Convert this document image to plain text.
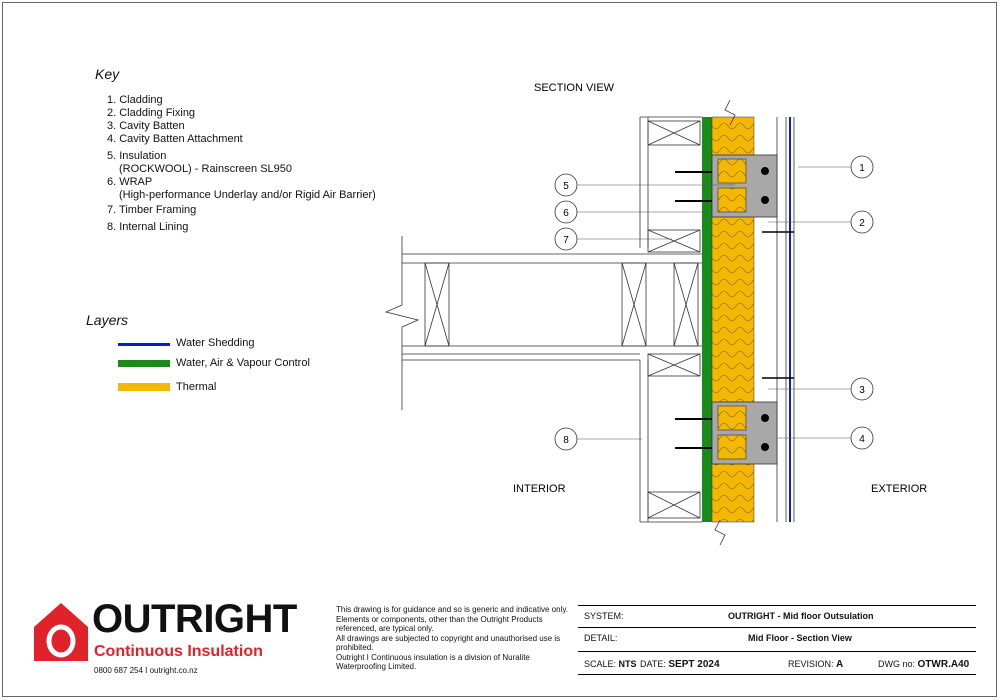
Key
1. Cladding
2. Cladding Fixing
3. Cavity Batten
4. Cavity Batten Attachment
5. Insulation
(ROCKWOOL) - Rainscreen SL950
6. WRAP
(High-performance Underlay and/or Rigid Air Barrier)
7. Timber Framing
8. Internal Lining
Layers
Water Shedding
Water, Air & Vapour Control
Thermal
SECTION VIEW
INTERIOR	EXTERIOR
1
2
3
4
5
6
7
8
OUTRIGHT
Continuous Insulation
0800 687 254 I outright.co.nz

This drawing is for guidance and so is generic and indicative only.

Elements or components, other than the Outright Products referenced, are typical only.

All drawings are subjected to copyright and unauthorised use is prohibited.

Outright I Continuous insulation is a division of Nuralite Waterproofing Limited.

SYSTEM:	OUTRIGHT - Mid floor Outsulation
DETAIL:	Mid Floor - Section View
SCALE: NTS DATE: SEPT 2024	REVISION: A	DWG no: OTWR.A40
